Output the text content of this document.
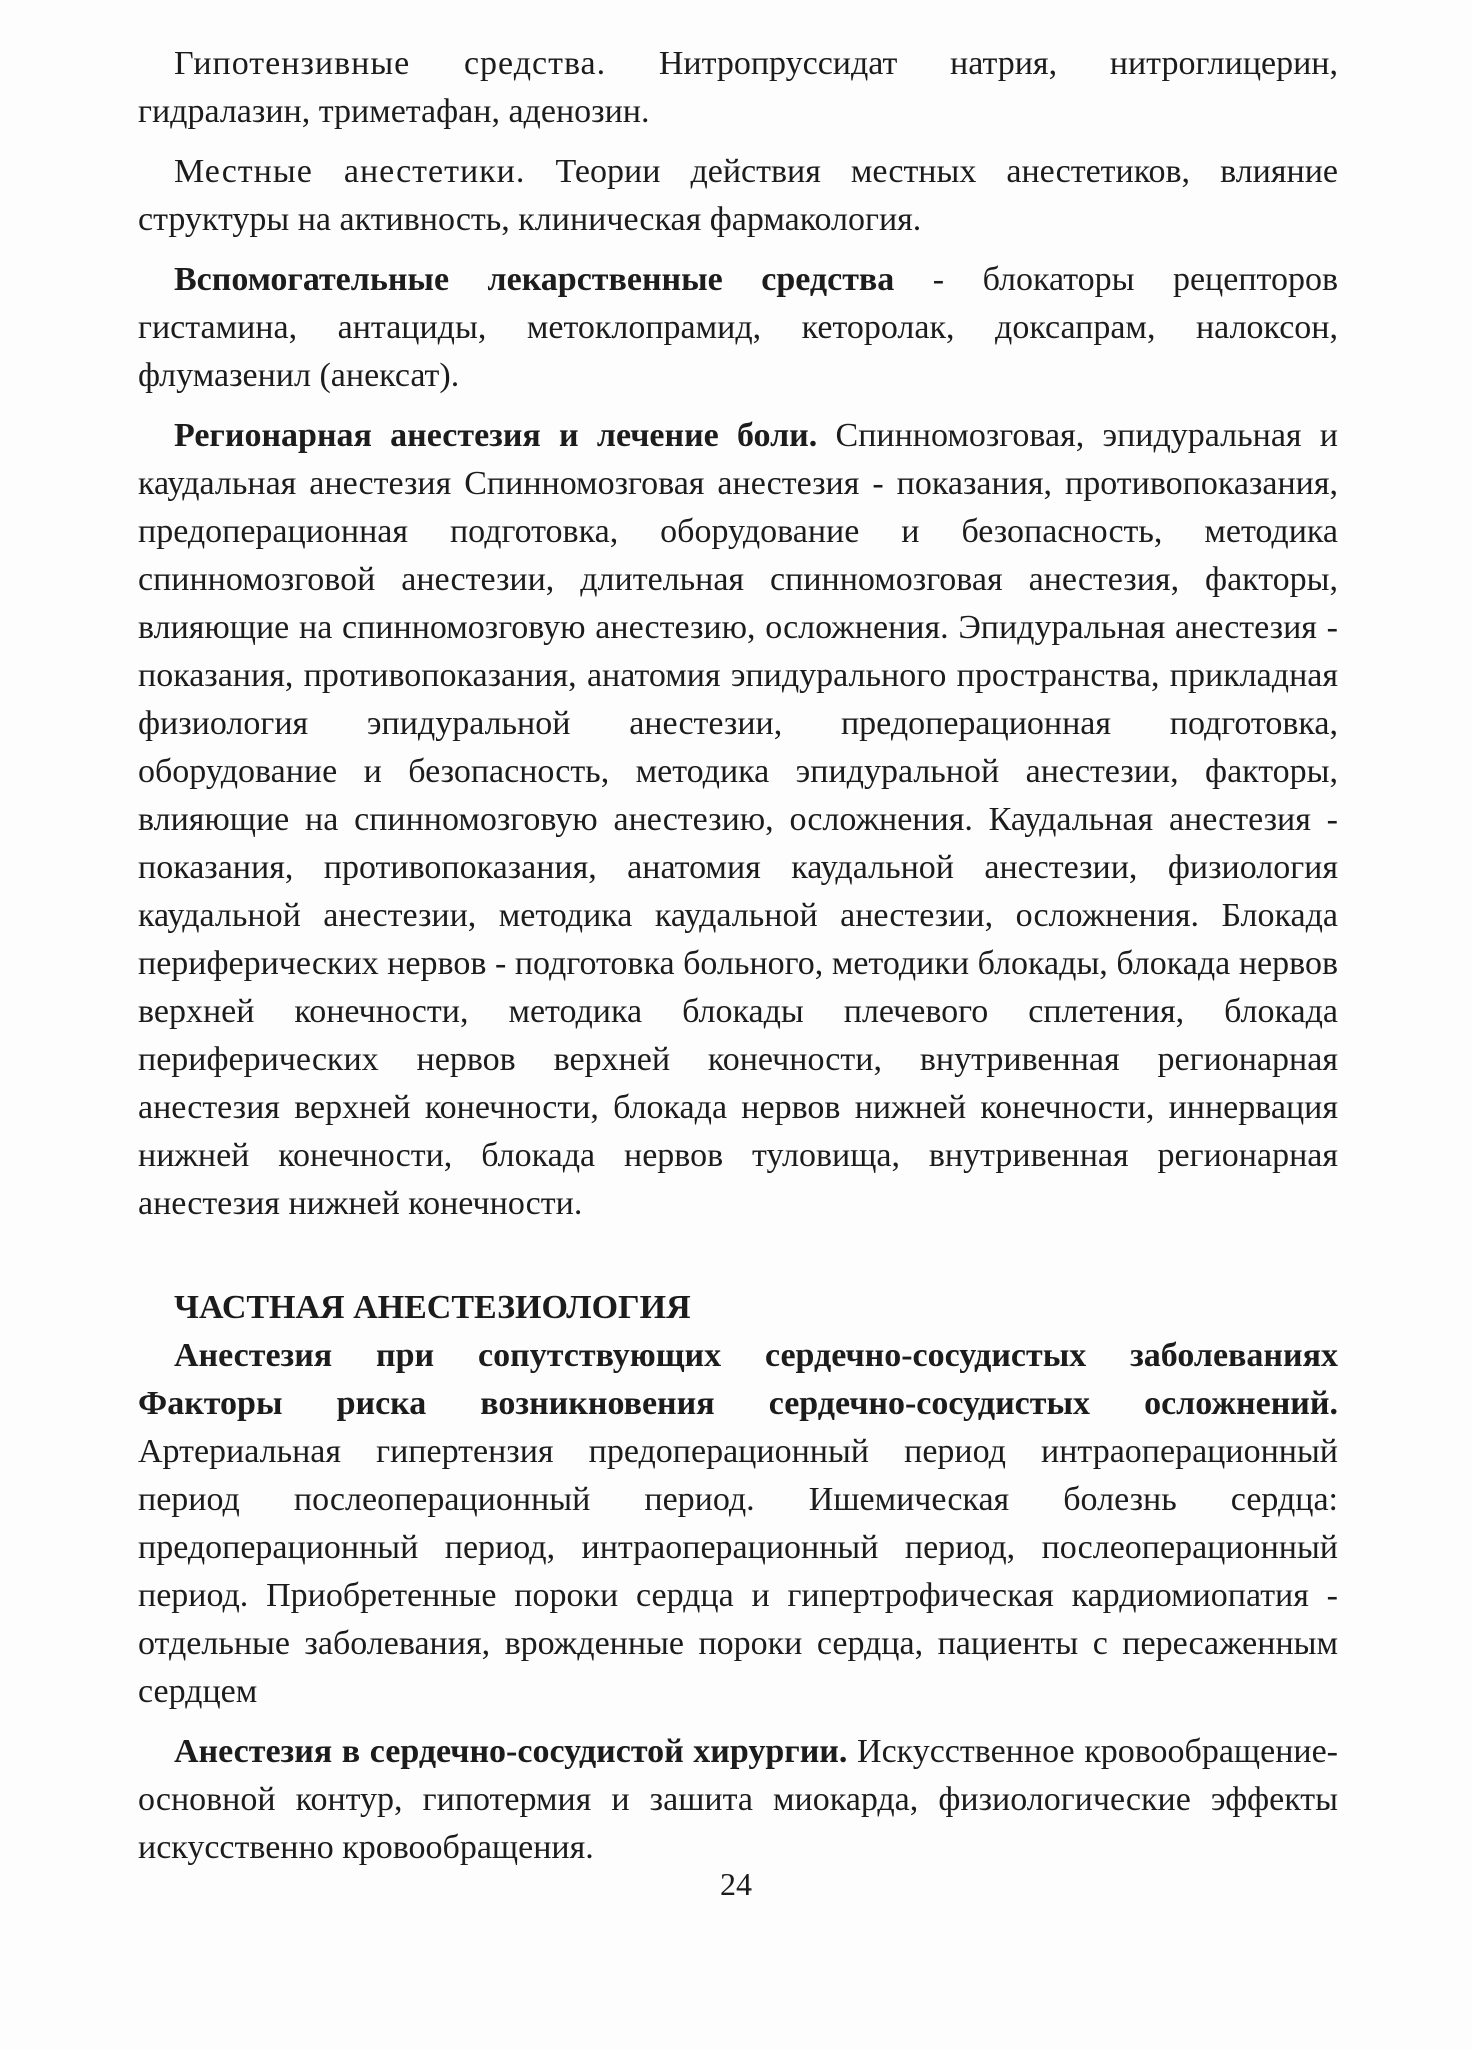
Гипотензивные средства. Нитропруссидат натрия, нитроглицерин, гидралазин, триметафан, аденозин.

Местные анестетики. Теории действия местных анестетиков, влияние структуры на активность, клиническая фармакология.

Вспомогательные лекарственные средства - блокаторы рецепторов гистамина, антациды, метоклопрамид, кеторолак, доксапрам, налоксон, флумазенил (анексат).

Регионарная анестезия и лечение боли. Спинномозговая, эпидуральная и каудальная анестезия Спинномозговая анестезия - показания, противопоказания, предоперационная подготовка, оборудование и безопасность, методика спинномозговой анестезии, длительная спинномозговая анестезия, факторы, влияющие на спинномозговую анестезию, осложнения. Эпидуральная анестезия - показания, противопоказания, анатомия эпидурального пространства, прикладная физиология эпидуральной анестезии, предоперационная подготовка, оборудование и безопасность, методика эпидуральной анестезии, факторы, влияющие на спинномозговую анестезию, осложнения. Каудальная анестезия - показания, противопоказания, анатомия каудальной анестезии, физиология каудальной анестезии, методика каудальной анестезии, осложнения. Блокада периферических нервов - подготовка больного, методики блокады, блокада нервов верхней конечности, методика блокады плечевого сплетения, блокада периферических нервов верхней конечности, внутривенная регионарная анестезия верхней конечности, блокада нервов нижней конечности, иннервация нижней конечности, блокада нервов туловища, внутривенная регионарная анестезия нижней конечности.

ЧАСТНАЯ АНЕСТЕЗИОЛОГИЯ

Анестезия при сопутствующих сердечно-сосудистых заболеваниях Факторы риска возникновения сердечно-сосудистых осложнений. Артериальная гипертензия предоперационный период интраоперационный период послеоперационный период. Ишемическая болезнь сердца: предоперационный период, интраоперационный период, послеоперационный период. Приобретенные пороки сердца и гипертрофическая кардиомиопатия - отдельные заболевания, врожденные пороки сердца, пациенты с пересаженным сердцем

Анестезия в сердечно-сосудистой хирургии. Искусственное кровообращение- основной контур, гипотермия и зашита миокарда, физиологические эффекты искусственно кровообращения.

24
